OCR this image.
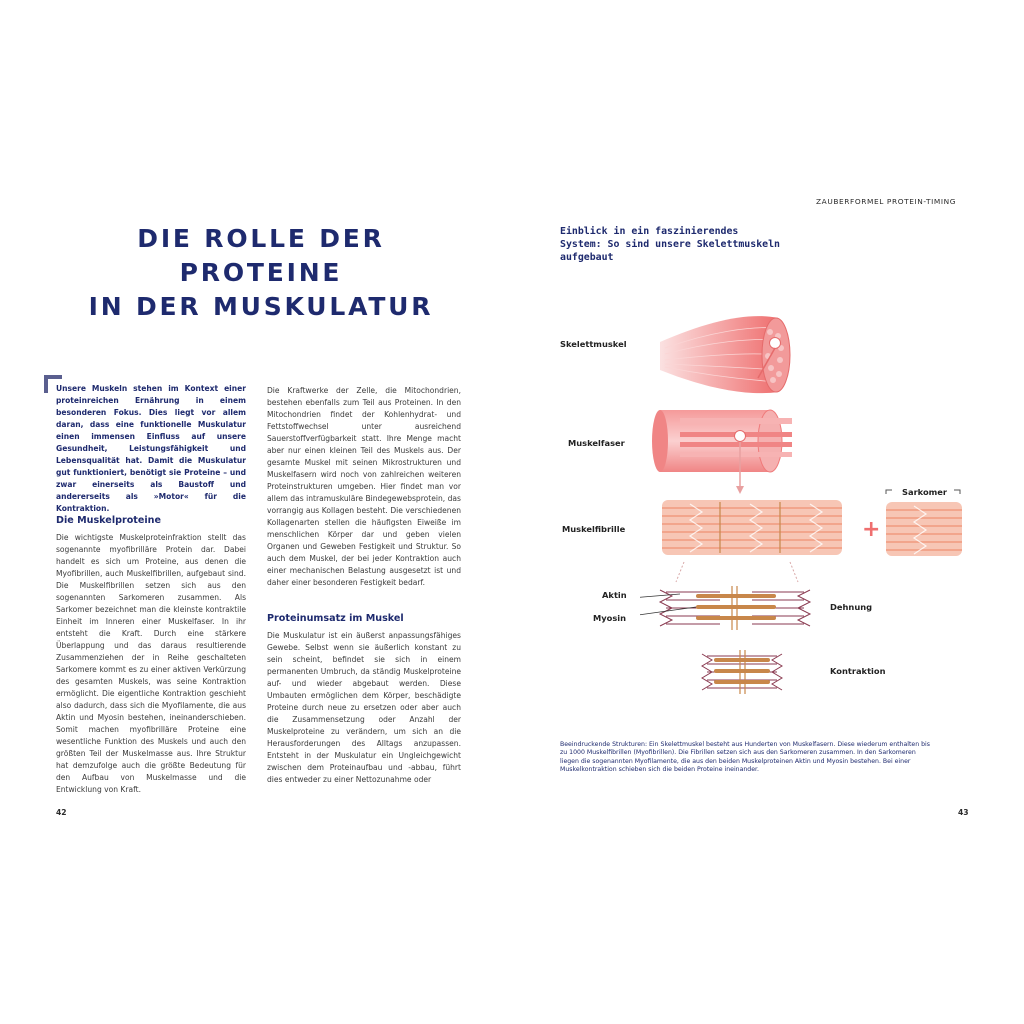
ZAUBERFORMEL PROTEIN-TIMING
DIE ROLLE DER PROTEINE
IN DER MUSKULATUR
Unsere Muskeln stehen im Kontext einer proteinreichen Ernährung in einem besonderen Fokus. Dies liegt vor allem daran, dass eine funktionelle Muskulatur einen immensen Einfluss auf unsere Gesundheit, Leistungsfähigkeit und Lebensqualität hat. Damit die Muskulatur gut funktioniert, benötigt sie Proteine – und zwar einerseits als Baustoff und andererseits als »Motor« für die Kontraktion.
Die Muskelproteine
Die wichtigste Muskelproteinfraktion stellt das sogenannte myofibrilläre Protein dar. Dabei handelt es sich um Proteine, aus denen die Myofibrillen, auch Muskelfibrillen, aufgebaut sind. Die Muskelfibrillen setzen sich aus den sogenannten Sarkomeren zusammen. Als Sarkomer bezeichnet man die kleinste kontraktile Einheit im Inneren einer Muskelfaser. In ihr entsteht die Kraft. Durch eine stärkere Überlappung und das daraus resultierende Zusammenziehen der in Reihe geschalteten Sarkomere kommt es zu einer aktiven Verkürzung des gesamten Muskels, was seine Kontraktion ermöglicht. Die eigentliche Kontraktion geschieht also dadurch, dass sich die Myofilamente, die aus Aktin und Myosin bestehen, ineinanderschieben. Somit machen myofibrilläre Proteine eine wesentliche Funktion des Muskels und auch den größten Teil der Muskelmasse aus. Ihre Struktur hat demzufolge auch die größte Bedeutung für den Aufbau von Muskelmasse und die Entwicklung von Kraft.
Die Kraftwerke der Zelle, die Mitochondrien, bestehen ebenfalls zum Teil aus Proteinen. In den Mitochondrien findet der Kohlenhydrat- und Fettstoffwechsel unter ausreichend Sauerstoffverfügbarkeit statt. Ihre Menge macht aber nur einen kleinen Teil des Muskels aus. Der gesamte Muskel mit seinen Mikrostrukturen und Muskelfasern wird noch von zahlreichen weiteren Proteinstrukturen umgeben. Hier findet man vor allem das intramuskuläre Bindegewebsprotein, das vorrangig aus Kollagen besteht. Die verschiedenen Kollagenarten stellen die häufigsten Eiweiße im menschlichen Körper dar und geben vielen Organen und Geweben Festigkeit und Struktur. So auch dem Muskel, der bei jeder Kontraktion auch einer mechanischen Belastung ausgesetzt ist und daher einer besonderen Festigkeit bedarf.
Proteinumsatz im Muskel
Die Muskulatur ist ein äußerst anpassungsfähiges Gewebe. Selbst wenn sie äußerlich konstant zu sein scheint, befindet sie sich in einem permanenten Umbruch, da ständig Muskelproteine auf- und wieder abgebaut werden. Diese Umbauten ermöglichen dem Körper, beschädigte Proteine durch neue zu ersetzen oder aber auch die Zusammensetzung oder Anzahl der Muskelproteine zu verändern, um sich an die Herausforderungen des Alltags anzupassen. Entsteht in der Muskulatur ein Ungleichgewicht zwischen dem Proteinaufbau und -abbau, führt dies entweder zu einer Nettozunahme oder
42
Einblick in ein faszinierendes System: So sind unsere Skelettmuskeln aufgebaut
Skelettmuskel
Muskelfaser
Muskelfibrille
Sarkomer
Aktin
Myosin
Dehnung
Kontraktion
+
Beeindruckende Strukturen: Ein Skelettmuskel besteht aus Hunderten von Muskelfasern. Diese wiederum enthalten bis zu 1000 Muskelfibrillen (Myofibrillen). Die Fibrillen setzen sich aus den Sarkomeren zusammen. In den Sarkomeren liegen die sogenannten Myofilamente, die aus den beiden Muskelproteinen Aktin und Myosin bestehen. Bei einer Muskelkontraktion schieben sich die beiden Proteine ineinander.
43
